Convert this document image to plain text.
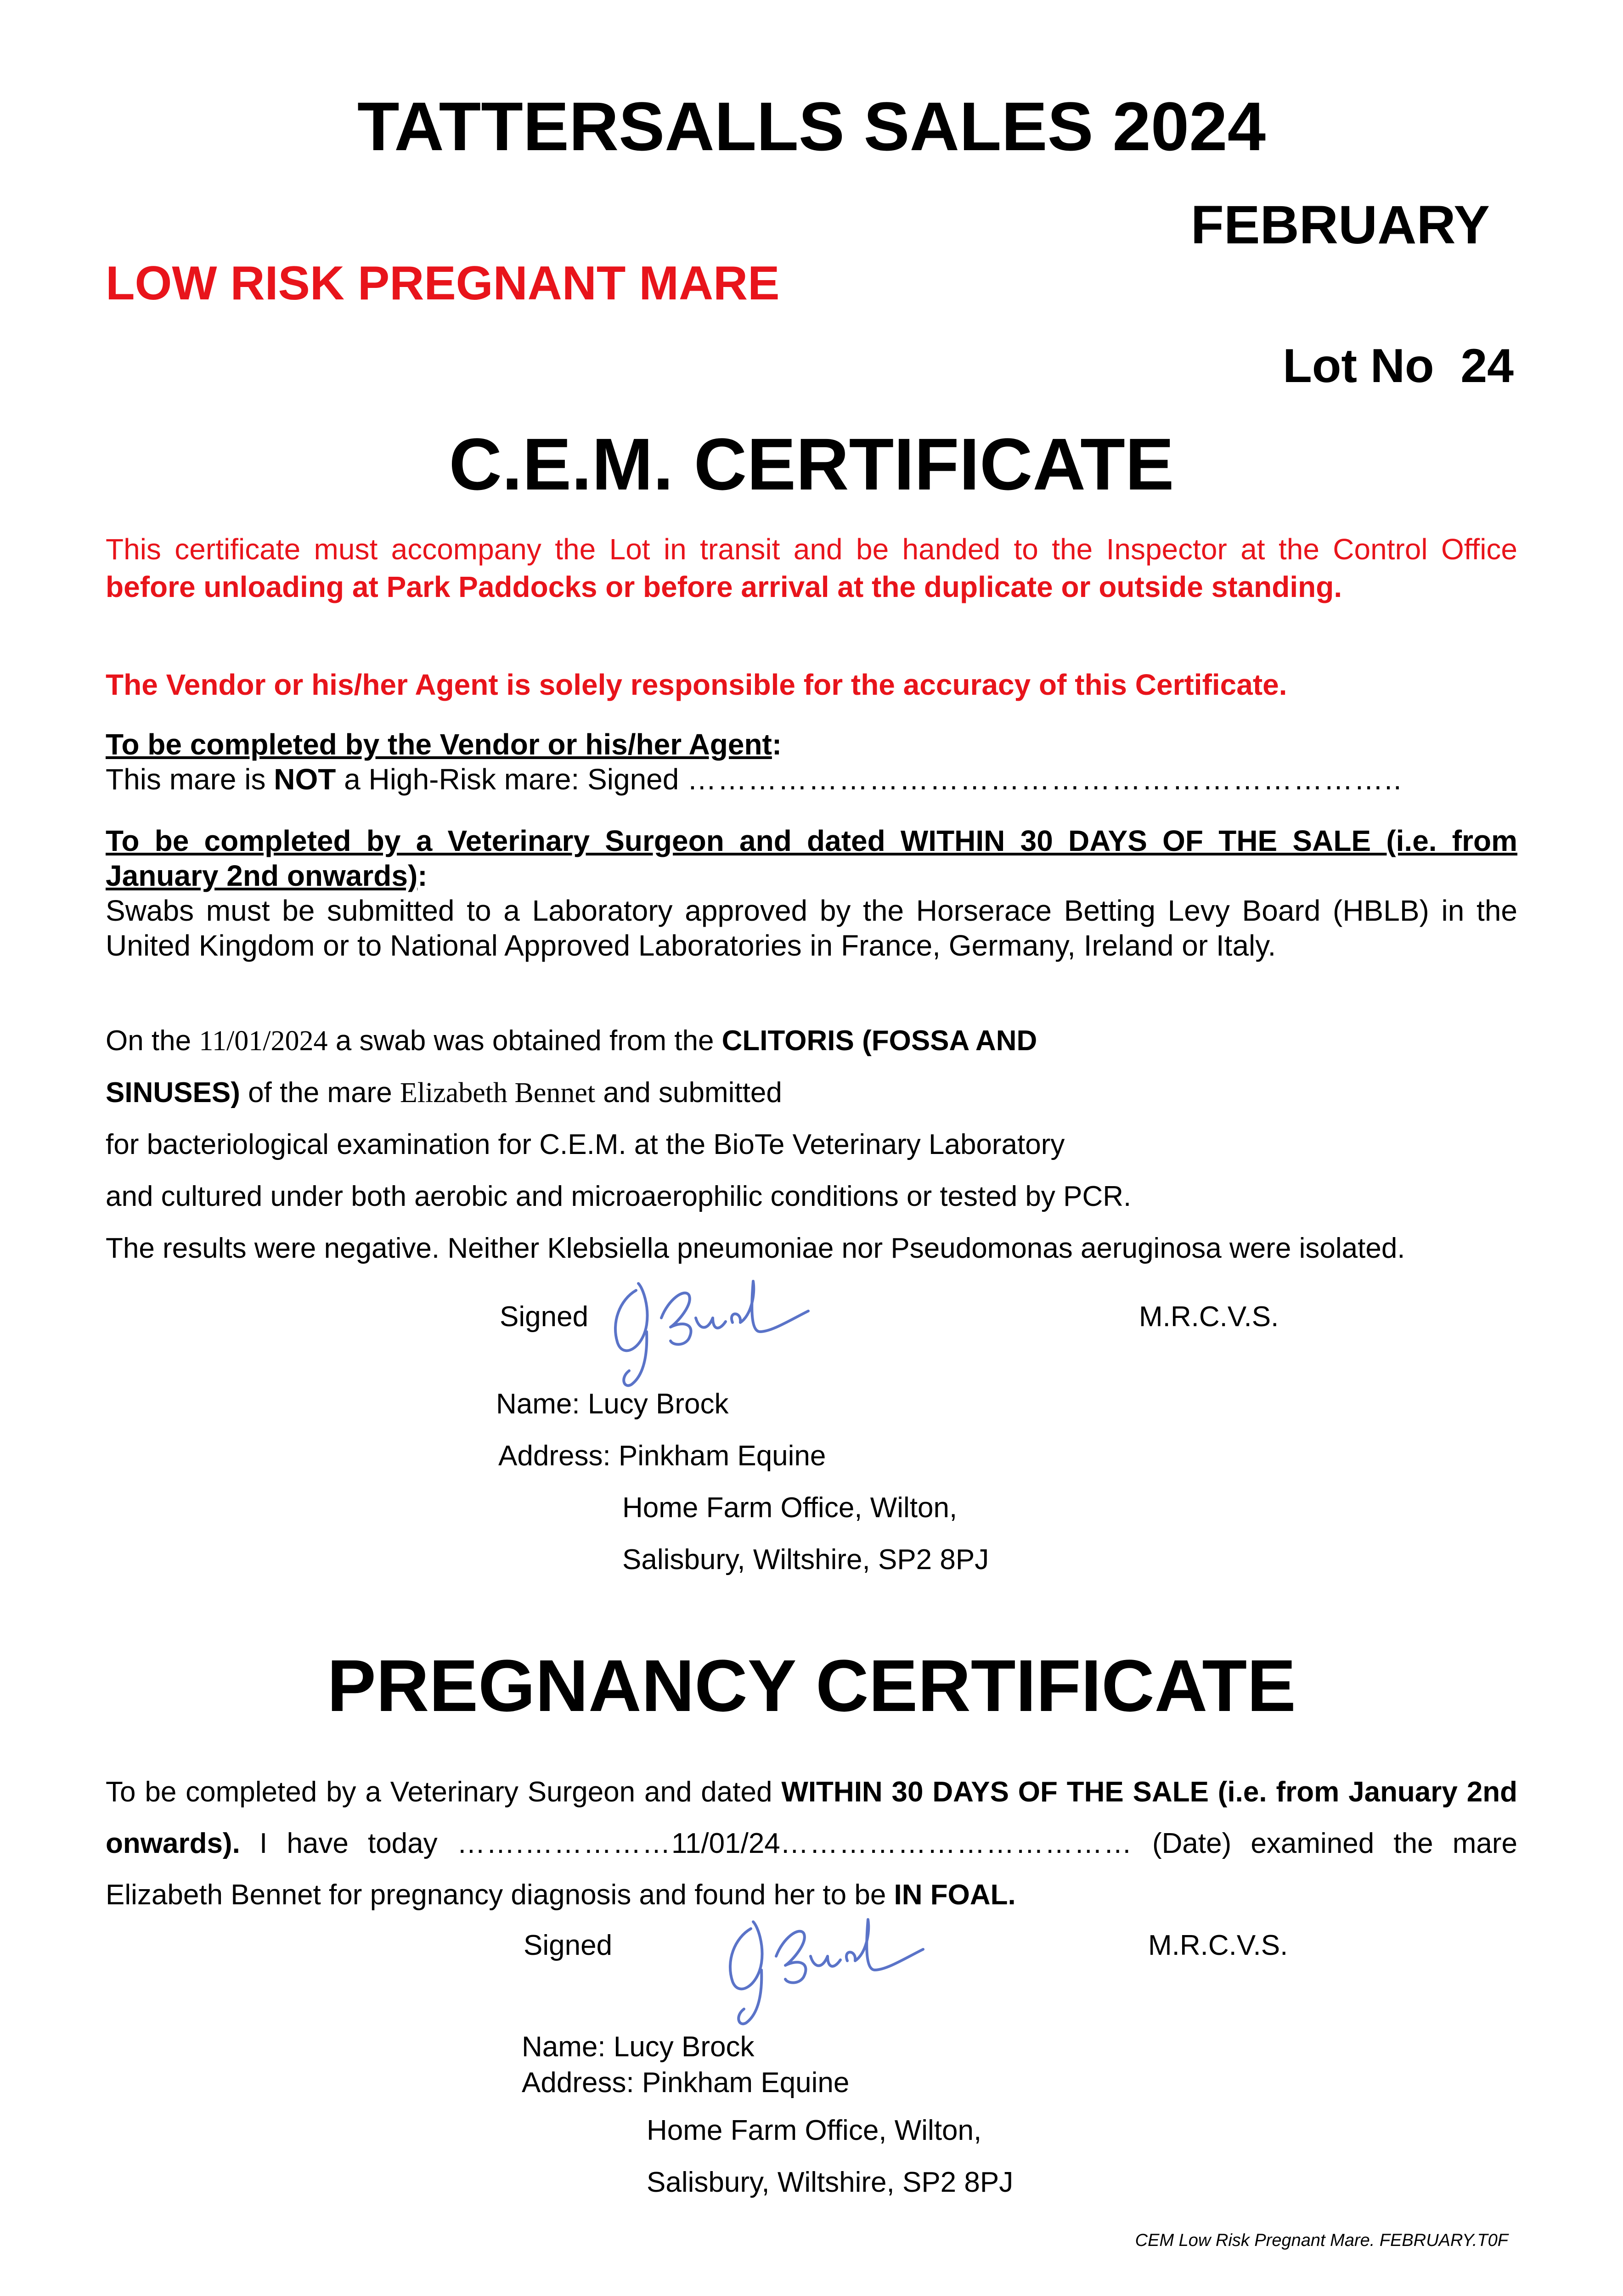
TATTERSALLS SALES 2024
FEBRUARY
LOW RISK PREGNANT MARE
Lot No 24
C.E.M. CERTIFICATE

This certificate must accompany the Lot in transit and be handed to the Inspector at the Control Office before unloading at Park Paddocks or before arrival at the duplicate or outside standing.

The Vendor or his/her Agent is solely responsible for the accuracy of this Certificate.

To be completed by the Vendor or his/her Agent:
This mare is NOT a High-Risk mare: Signed ……………………………………………………………..

To be completed by a Veterinary Surgeon and dated WITHIN 30 DAYS OF THE SALE (i.e. from January 2nd onwards):
Swabs must be submitted to a Laboratory approved by the Horserace Betting Levy Board (HBLB) in the United Kingdom or to National Approved Laboratories in France, Germany, Ireland or Italy.

On the 11/01/2024 a swab was obtained from the CLITORIS (FOSSA AND
SINUSES) of the mare Elizabeth Bennet and submitted
for bacteriological examination for C.E.M. at the BioTe Veterinary Laboratory
and cultured under both aerobic and microaerophilic conditions or tested by PCR.
The results were negative. Neither Klebsiella pneumoniae nor Pseudomonas aeruginosa were isolated.
Signed	M.R.C.V.S.
Name: Lucy Brock
Address: Pinkham Equine
Home Farm Office, Wilton,
Salisbury, Wiltshire, SP2 8PJ
PREGNANCY CERTIFICATE

To be completed by a Veterinary Surgeon and dated WITHIN 30 DAYS OF THE SALE (i.e. from January 2nd onwards). I have today …….……………11/01/24……………………………… (Date) examined the mare Elizabeth Bennet for pregnancy diagnosis and found her to be IN FOAL.

Signed	M.R.C.V.S.
Name: Lucy Brock
Address: Pinkham Equine
Home Farm Office, Wilton,
Salisbury, Wiltshire, SP2 8PJ
CEM Low Risk Pregnant Mare. FEBRUARY.T0F
